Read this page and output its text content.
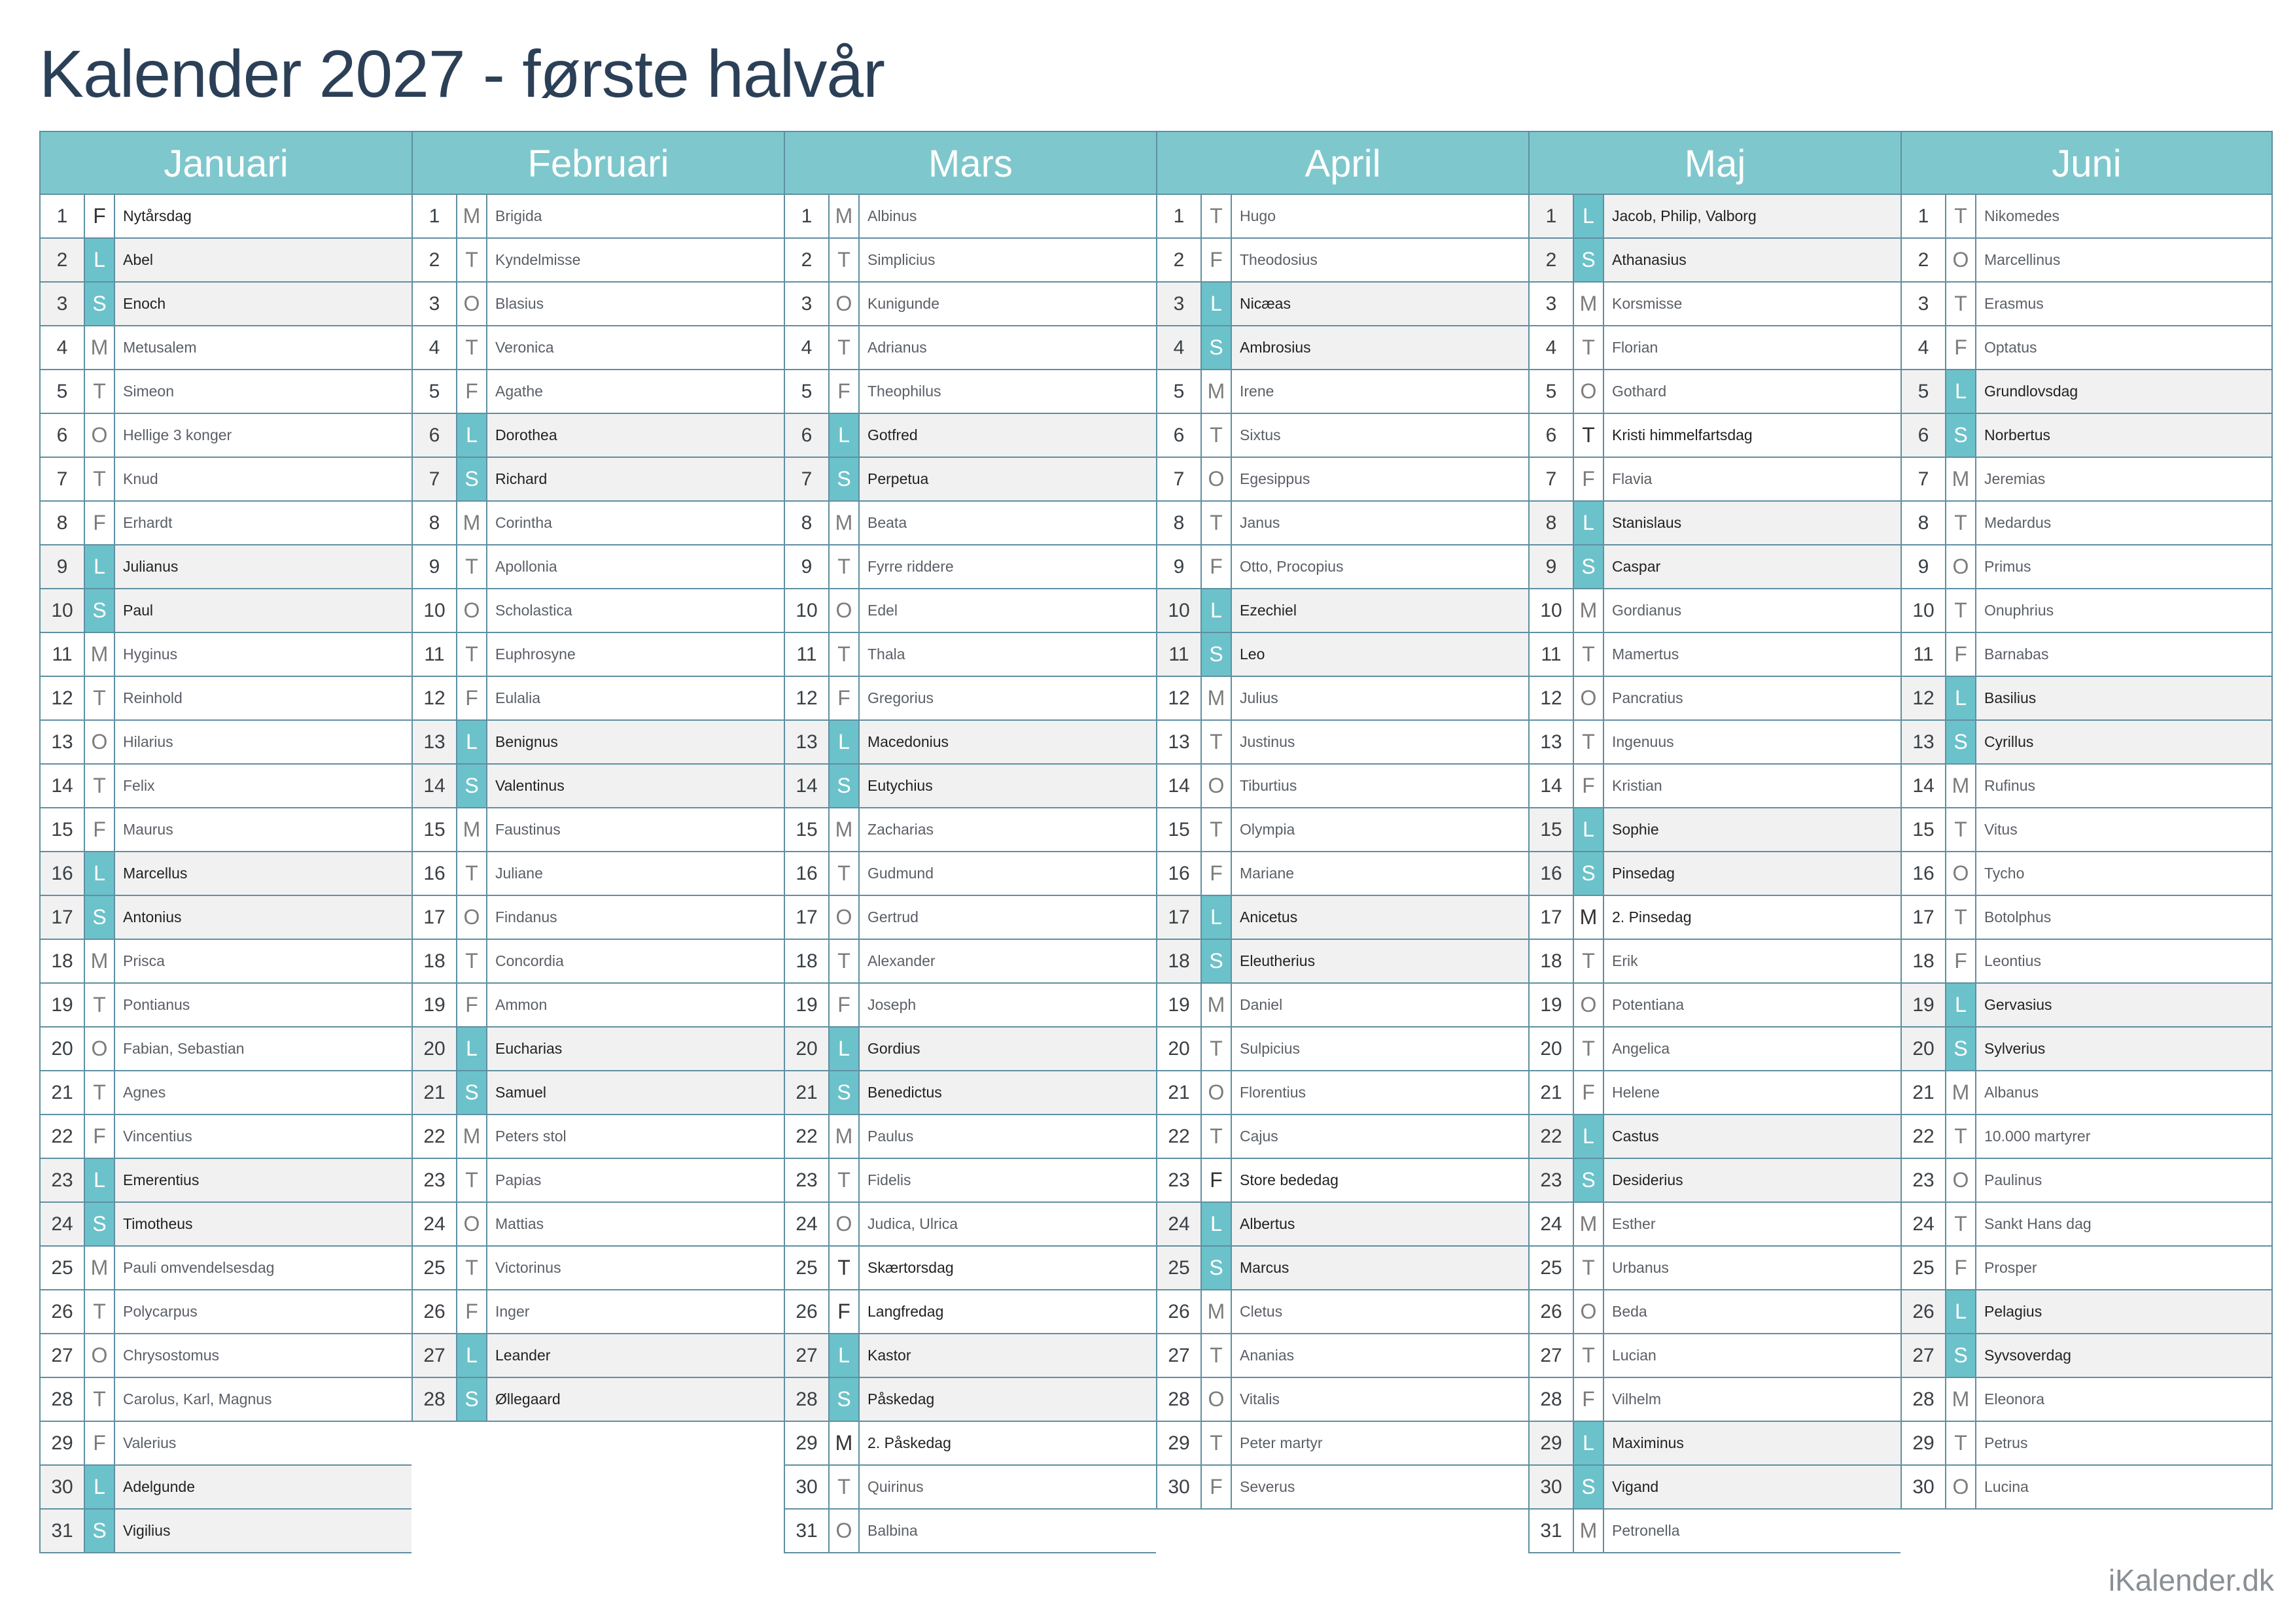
Kalender 2027 - første halvår
Januari
1	F	Nytårsdag
2	L	Abel
3	S	Enoch
4	M Metusalem
5	T	Simeon
6	O	Hellige 3 konger
7	T	Knud
8	F	Erhardt
9	L	Julianus
10 S	Paul
11 M Hyginus
12 T	Reinhold
13 O	Hilarius
14 T	Felix
15 F	Maurus
16 L	Marcellus
17 S	Antonius
18 M Prisca
19 T	Pontianus
20 O	Fabian, Sebastian
21 T	Agnes
22 F	Vincentius
23 L	Emerentius
24 S	Timotheus
25 M Pauli omvendelsesdag
26 T	Polycarpus
27 O	Chrysostomus
28 T	Carolus, Karl, Magnus
29 F	Valerius
30 L	Adelgunde
31 S	Vigilius
Februari
1	M Brigida
2	T	Kyndelmisse
3	O	Blasius
4	T	Veronica
5	F	Agathe
6	L	Dorothea
7	S	Richard
8	M Corintha
9	T	Apollonia
10 O	Scholastica
11 T	Euphrosyne
12 F	Eulalia
13 L	Benignus
14 S	Valentinus
15 M Faustinus
16 T	Juliane
17 O	Findanus
18 T	Concordia
19 F	Ammon
20 L	Eucharias
21 S	Samuel
22 M Peters stol
23 T	Papias
24 O	Mattias
25 T	Victorinus
26 F	Inger
27 L	Leander
28 S	Øllegaard
Mars
1	M Albinus
2	T	Simplicius
3	O	Kunigunde
4	T	Adrianus
5	F	Theophilus
6	L	Gotfred
7	S	Perpetua
8	M Beata
9	T	Fyrre riddere
10 O	Edel
11 T	Thala
12 F	Gregorius
13 L	Macedonius
14 S	Eutychius
15 M Zacharias
16 T	Gudmund
17 O	Gertrud
18 T	Alexander
19 F	Joseph
20 L	Gordius
21 S	Benedictus
22 M Paulus
23 T	Fidelis
24 O	Judica, Ulrica
25 T	Skærtorsdag
26 F	Langfredag
27 L	Kastor
28 S	Påskedag
29 M 2. Påskedag
30 T	Quirinus
31 O	Balbina
April
1	T	Hugo
2	F	Theodosius
3	L	Nicæas
4	S	Ambrosius
5	M Irene
6	T	Sixtus
7	O	Egesippus
8	T	Janus
9	F	Otto, Procopius
10 L	Ezechiel
11 S	Leo
12 M Julius
13 T	Justinus
14 O	Tiburtius
15 T	Olympia
16 F	Mariane
17 L	Anicetus
18 S	Eleutherius
19 M Daniel
20 T	Sulpicius
21 O	Florentius
22 T	Cajus
23 F	Store bededag
24 L	Albertus
25 S	Marcus
26 M Cletus
27 T	Ananias
28 O	Vitalis
29 T	Peter martyr
30 F	Severus
Maj
1	L	Jacob, Philip, Valborg
2	S	Athanasius
3	M Korsmisse
4	T	Florian
5	O	Gothard
6	T	Kristi himmelfartsdag
7	F	Flavia
8	L	Stanislaus
9	S	Caspar
10 M Gordianus
11 T	Mamertus
12 O	Pancratius
13 T	Ingenuus
14 F	Kristian
15 L	Sophie
16 S	Pinsedag
17 M 2. Pinsedag
18 T	Erik
19 O	Potentiana
20 T	Angelica
21 F	Helene
22 L	Castus
23 S	Desiderius
24 M Esther
25 T	Urbanus
26 O	Beda
27 T	Lucian
28 F	Vilhelm
29 L	Maximinus
30 S	Vigand
31 M Petronella
Juni
1	T	Nikomedes
2	O	Marcellinus
3	T	Erasmus
4	F	Optatus
5	L	Grundlovsdag
6	S	Norbertus
7	M Jeremias
8	T	Medardus
9	O	Primus
10 T	Onuphrius
11 F	Barnabas
12 L	Basilius
13 S	Cyrillus
14 M Rufinus
15 T	Vitus
16 O	Tycho
17 T	Botolphus
18 F	Leontius
19 L	Gervasius
20 S	Sylverius
21 M Albanus
22 T	10.000 martyrer
23 O	Paulinus
24 T	Sankt Hans dag
25 F	Prosper
26 L	Pelagius
27 S	Syvsoverdag
28 M Eleonora
29 T	Petrus
30 O	Lucina

iKalender.dk
